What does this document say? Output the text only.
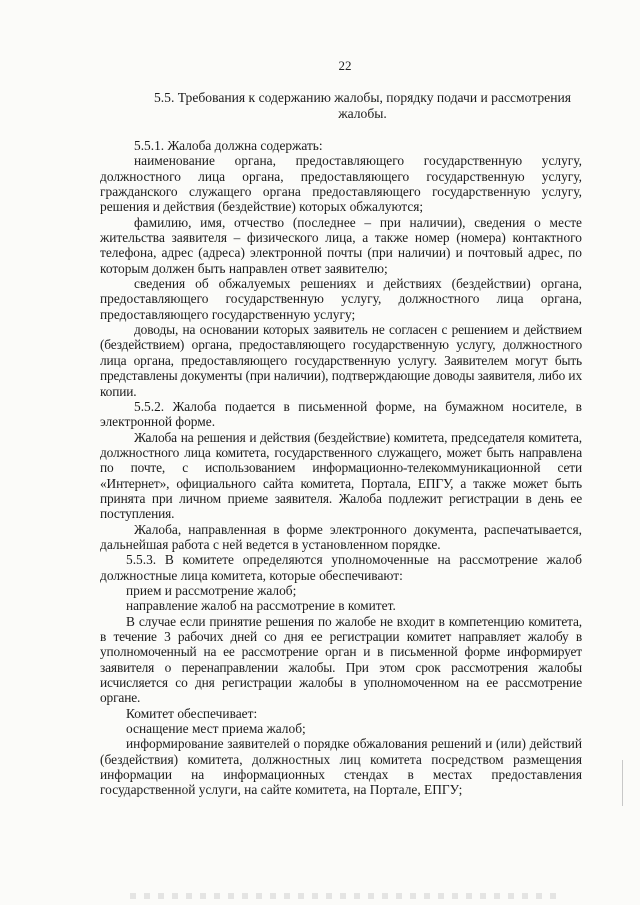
22
5.5. Требования к содержанию жалобы, порядку подачи и рассмотрения жалобы.

5.5.1. Жалоба должна содержать:

наименование органа, предоставляющего государственную услугу, должностного лица органа, предоставляющего государственную услугу, гражданского служащего органа предоставляющего государственную услугу, решения и действия (бездействие) которых обжалуются;

фамилию, имя, отчество (последнее – при наличии), сведения о месте жительства заявителя – физического лица, а также номер (номера) контактного телефона, адрес (адреса) электронной почты (при наличии) и почтовый адрес, по которым должен быть направлен ответ заявителю;

сведения об обжалуемых решениях и действиях (бездействии) органа, предоставляющего государственную услугу, должностного лица органа, предоставляющего государственную услугу;

доводы, на основании которых заявитель не согласен с решением и действием (бездействием) органа, предоставляющего государственную услугу, должностного лица органа, предоставляющего государственную услугу. Заявителем могут быть представлены документы (при наличии), подтверждающие доводы заявителя, либо их копии.

5.5.2. Жалоба подается в письменной форме, на бумажном носителе, в электронной форме.

Жалоба на решения и действия (бездействие) комитета, председателя комитета, должностного лица комитета, государственного служащего, может быть направлена по почте, с использованием информационно-телекоммуникационной сети «Интернет», официального сайта комитета, Портала, ЕПГУ, а также может быть принята при личном приеме заявителя. Жалоба подлежит регистрации в день ее поступления.

Жалоба, направленная в форме электронного документа, распечатывается, дальнейшая работа с ней ведется в установленном порядке.

5.5.3. В комитете определяются уполномоченные на рассмотрение жалоб должностные лица комитета, которые обеспечивают:

прием и рассмотрение жалоб;

направление жалоб на рассмотрение в комитет.

В случае если принятие решения по жалобе не входит в компетенцию комитета, в течение 3 рабочих дней со дня ее регистрации комитет направляет жалобу в уполномоченный на ее рассмотрение орган и в письменной форме информирует заявителя о перенаправлении жалобы. При этом срок рассмотрения жалобы исчисляется со дня регистрации жалобы в уполномоченном на ее рассмотрение органе.

Комитет обеспечивает:

оснащение мест приема жалоб;

информирование заявителей о порядке обжалования решений и (или) действий (бездействия) комитета, должностных лиц комитета посредством размещения информации на информационных стендах в местах предоставления государственной услуги, на сайте комитета, на Портале, ЕПГУ;
